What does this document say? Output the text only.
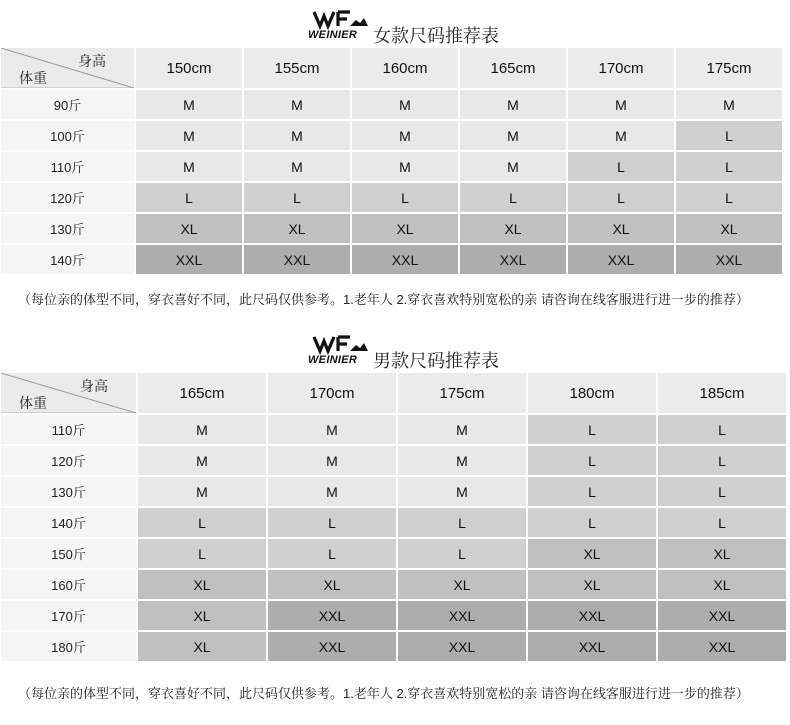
WEINIER 女款尺码推荐表
身高
体重
150cm	155cm	160cm	165cm	170cm	175cm
90斤	M	M	M	M	M	M
100斤	M	M	M	M	M	L
110斤	M	M	M	M	L	L
120斤	L	L	L	L	L	L
130斤	XL	XL	XL	XL	XL	XL
140斤	XXL	XXL	XXL	XXL	XXL	XXL
（每位亲的体型不同，穿衣喜好不同，此尺码仅供参考。1.老年人 2.穿衣喜欢特别宽松的亲 请咨询在线客服进行进一步的推荐）
WEINIER 男款尺码推荐表
身高
体重
165cm	170cm	175cm	180cm	185cm
110斤	M	M	M	L	L
120斤	M	M	M	L	L
130斤	M	M	M	L	L
140斤	L	L	L	L	L
150斤	L	L	L	XL	XL
160斤	XL	XL	XL	XL	XL
170斤	XL	XXL	XXL	XXL	XXL
180斤	XL	XXL	XXL	XXL	XXL
（每位亲的体型不同，穿衣喜好不同，此尺码仅供参考。1.老年人 2.穿衣喜欢特别宽松的亲 请咨询在线客服进行进一步的推荐）
